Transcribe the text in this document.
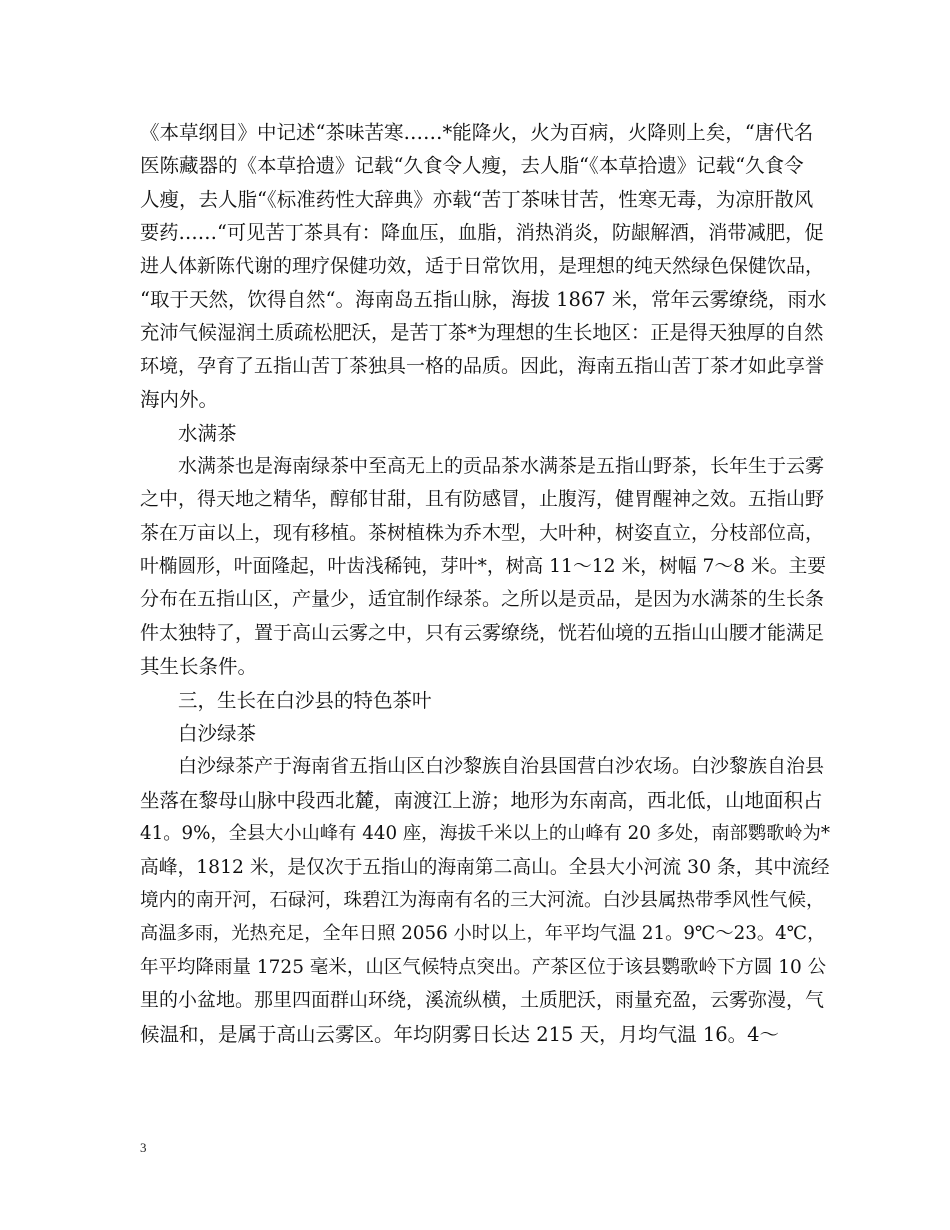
《本草纲目》中记述“茶味苦寒……*能降火，火为百病，火降则上矣，“唐代名
医陈藏器的《本草拾遗》记载“久食令人瘦，去人脂“《本草拾遗》记载“久食令
人瘦，去人脂“《标准药性大辞典》亦载“苦丁茶味甘苦，性寒无毒，为凉肝散风
要药……“可见苦丁茶具有：降血压，血脂，消热消炎，防龈解酒，消带减肥，促
进人体新陈代谢的理疗保健功效，适于日常饮用，是理想的纯天然绿色保健饮品，
“取于天然，饮得自然“。海南岛五指山脉，海拔 1867 米，常年云雾缭绕，雨水
充沛气候湿润土质疏松肥沃，是苦丁茶*为理想的生长地区：正是得天独厚的自然
环境，孕育了五指山苦丁茶独具一格的品质。因此，海南五指山苦丁茶才如此享誉
海内外。
水满茶
水满茶也是海南绿茶中至高无上的贡品茶水满茶是五指山野茶，长年生于云雾
之中，得天地之精华，醇郁甘甜，且有防感冒，止腹泻，健胃醒神之效。五指山野
茶在万亩以上，现有移植。茶树植株为乔木型，大叶种，树姿直立，分枝部位高，
叶椭圆形，叶面隆起，叶齿浅稀钝，芽叶*，树高 11～12 米，树幅 7～8 米。主要
分布在五指山区，产量少，适宜制作绿茶。之所以是贡品，是因为水满茶的生长条
件太独特了，置于高山云雾之中，只有云雾缭绕，恍若仙境的五指山山腰才能满足
其生长条件。
三，生长在白沙县的特色茶叶
白沙绿茶
白沙绿茶产于海南省五指山区白沙黎族自治县国营白沙农场。白沙黎族自治县
坐落在黎母山脉中段西北麓，南渡江上游；地形为东南高，西北低，山地面积占
41。9%，全县大小山峰有 440 座，海拔千米以上的山峰有 20 多处，南部鹦歌岭为*
高峰，1812 米，是仅次于五指山的海南第二高山。全县大小河流 30 条，其中流经
境内的南开河，石碌河，珠碧江为海南有名的三大河流。白沙县属热带季风性气候，
高温多雨，光热充足，全年日照 2056 小时以上，年平均气温 21。9℃～23。4℃，
年平均降雨量 1725 毫米，山区气候特点突出。产茶区位于该县鹦歌岭下方圆 10 公
里的小盆地。那里四面群山环绕，溪流纵横，土质肥沃，雨量充盈，云雾弥漫，气
候温和，是属于高山云雾区。年均阴雾日长达 215 天，月均气温 16。4～
3
